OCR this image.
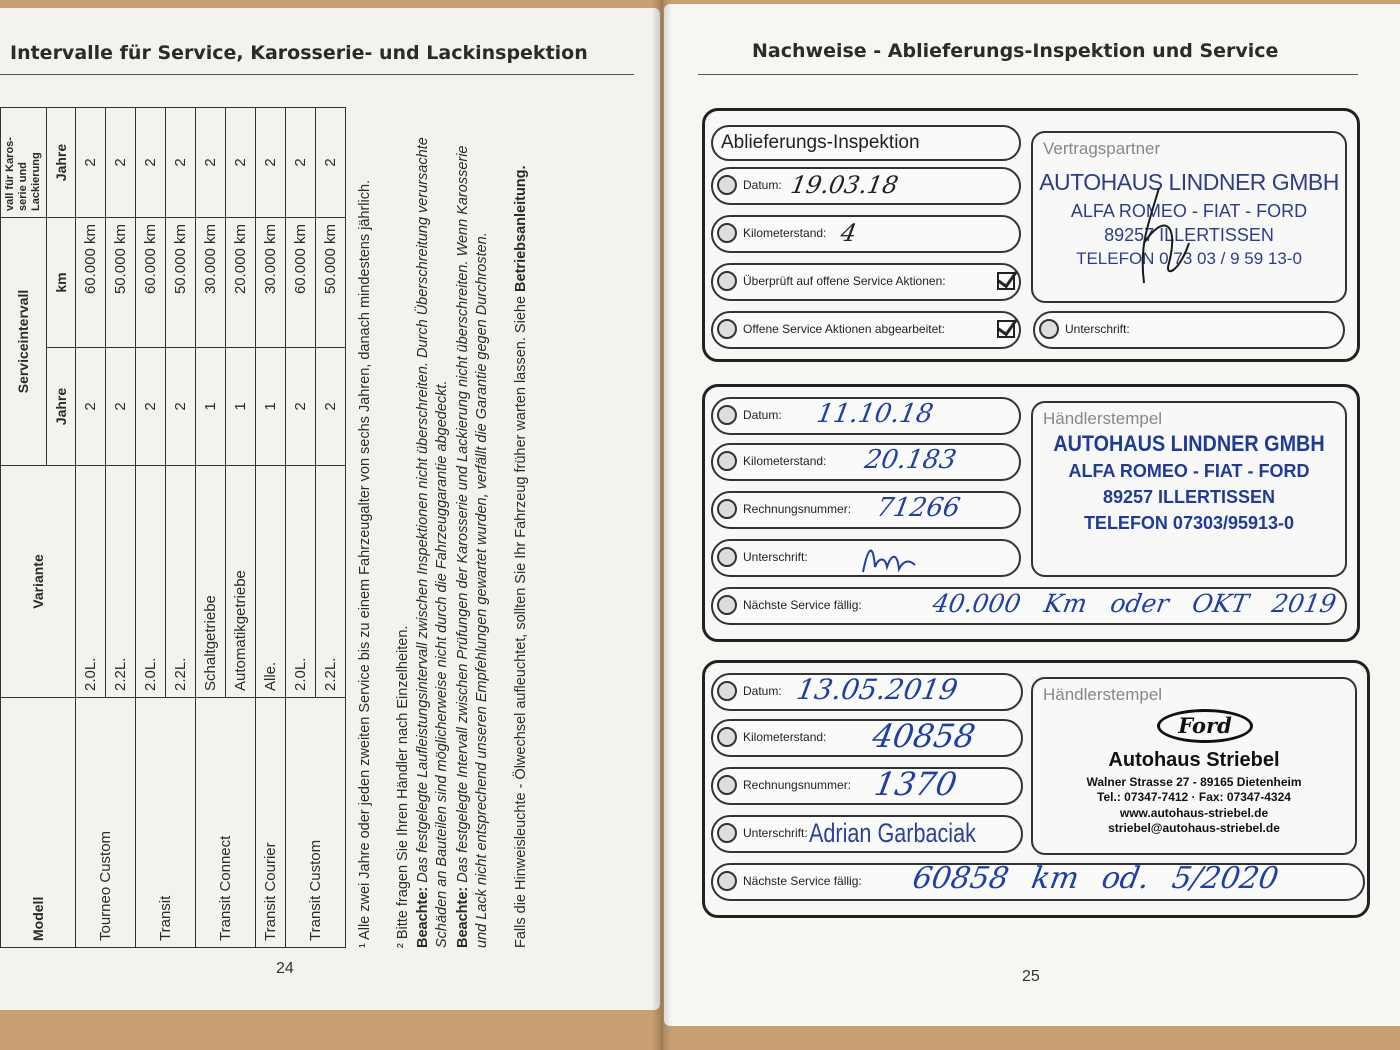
Intervalle für Service, Karosserie- und Lackinspektion
Modell	Variante	Serviceintervall		vall für Karos-serie und Lackierung
		Jahre	km	Jahre
Tourneo Custom	2.0L.	2	60.000 km	2
	2.2L.	2	50.000 km	2
Transit	2.0L.	2	60.000 km	2
	2.2L.	2	50.000 km	2
Transit Connect	Schaltgetriebe	1	30.000 km	2
	Automatikgetriebe	1	20.000 km	2
Transit Courier	Alle.	1	30.000 km	2
Transit Custom	2.0L.	2	60.000 km	2
	2.2L.	2	50.000 km	2
¹ Alle zwei Jahre oder jeden zweiten Service bis zu einem Fahrzeugalter von sechs Jahren, danach mindestens jährlich. ² Bitte fragen Sie Ihren Händler nach Einzelheiten. Beachte: Das festgelegte Laufleistungsintervall zwischen Inspektionen nicht überschreiten. Durch Überschreitung verursachte Schäden an Bauteilen sind möglicherweise nicht durch die Fahrzeuggarantie abgedeckt. Beachte: Das festgelegte Intervall zwischen Prüfungen der Karosserie und Lackierung nicht überschreiten. Wenn Karosserie und Lack nicht entsprechend unseren Empfehlungen gewartet wurden, verfällt die Garantie gegen Durchrosten. Falls die Hinweisleuchte - Ölwechsel aufleuchtet, sollten Sie Ihr Fahrzeug früher warten lassen. Siehe Betriebsanleitung.
24
Nachweise - Ablieferungs-Inspektion und Service
Ablieferungs-Inspektion
Datum: 19.03.18
Kilometerstand: 4
Überprüft auf offene Service Aktionen:
Offene Service Aktionen abgearbeitet:
Vertragspartner
AUTOHAUS LINDNER GMBH
ALFA ROMEO - FIAT - FORD
89257 ILLERTISSEN
TELEFON 0 73 03 / 9 59 13-0
Unterschrift:
Datum: 11.10.18
Kilometerstand: 20.183
Rechnungsnummer: 71266
Unterschrift:
Händlerstempel
AUTOHAUS LINDNER GMBH
ALFA ROMEO - FIAT - FORD
89257 ILLERTISSEN
TELEFON 07303/95913-0
Nächste Service fällig:	40.000 Km oder OKT 2019
Datum: 13.05.2019
Kilometerstand: 40858
Rechnungsnummer: 1370
Unterschrift: Adrian Garbaciak
Händlerstempel
Ford
Autohaus Striebel
Walner Strasse 27 - 89165 Dietenheim
Tel.: 07347-7412 · Fax: 07347-4324
www.autohaus-striebel.de
striebel@autohaus-striebel.de
Nächste Service fällig: 60858 km od. 5/2020
25
